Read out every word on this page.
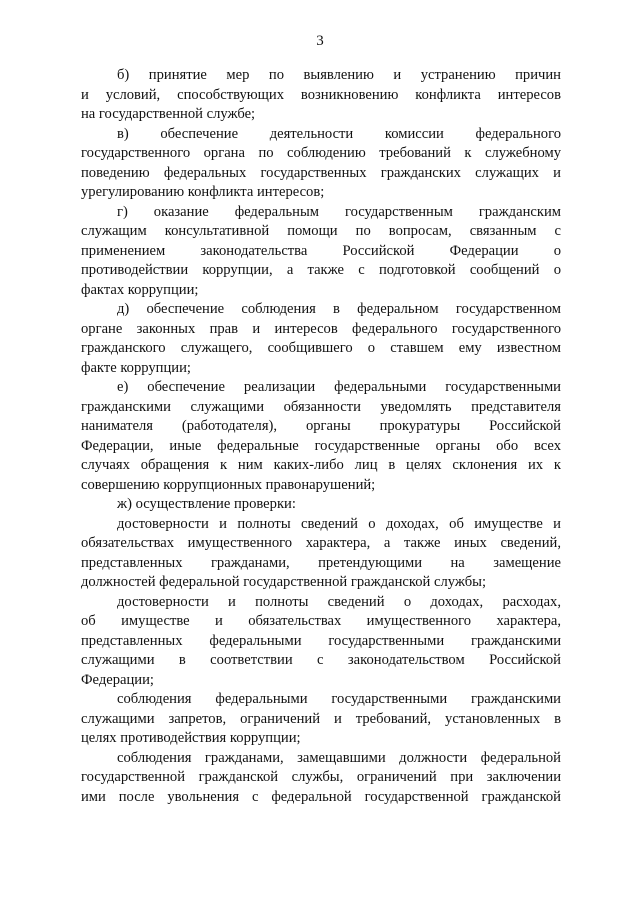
3
б) принятие мер по выявлению и устранению причин
и условий, способствующих возникновению конфликта интересов
на государственной службе;
в) обеспечение деятельности комиссии федерального
государственного органа по соблюдению требований к служебному
поведению федеральных государственных гражданских служащих и
урегулированию конфликта интересов;
г) оказание федеральным государственным гражданским
служащим консультативной помощи по вопросам, связанным с
применением законодательства Российской Федерации о
противодействии коррупции, а также с подготовкой сообщений о
фактах коррупции;
д) обеспечение соблюдения в федеральном государственном
органе законных прав и интересов федерального государственного
гражданского служащего, сообщившего о ставшем ему известном
факте коррупции;
е) обеспечение реализации федеральными государственными
гражданскими служащими обязанности уведомлять представителя
нанимателя (работодателя), органы прокуратуры Российской
Федерации, иные федеральные государственные органы обо всех
случаях обращения к ним каких-либо лиц в целях склонения их к
совершению коррупционных правонарушений;
ж) осуществление проверки:
достоверности и полноты сведений о доходах, об имуществе и
обязательствах имущественного характера, а также иных сведений,
представленных гражданами, претендующими на замещение
должностей федеральной государственной гражданской службы;
достоверности и полноты сведений о доходах, расходах,
об имуществе и обязательствах имущественного характера,
представленных федеральными государственными гражданскими
служащими в соответствии с законодательством Российской
Федерации;
соблюдения федеральными государственными гражданскими
служащими запретов, ограничений и требований, установленных в
целях противодействия коррупции;
соблюдения гражданами, замещавшими должности федеральной
государственной гражданской службы, ограничений при заключении
ими после увольнения с федеральной государственной гражданской
